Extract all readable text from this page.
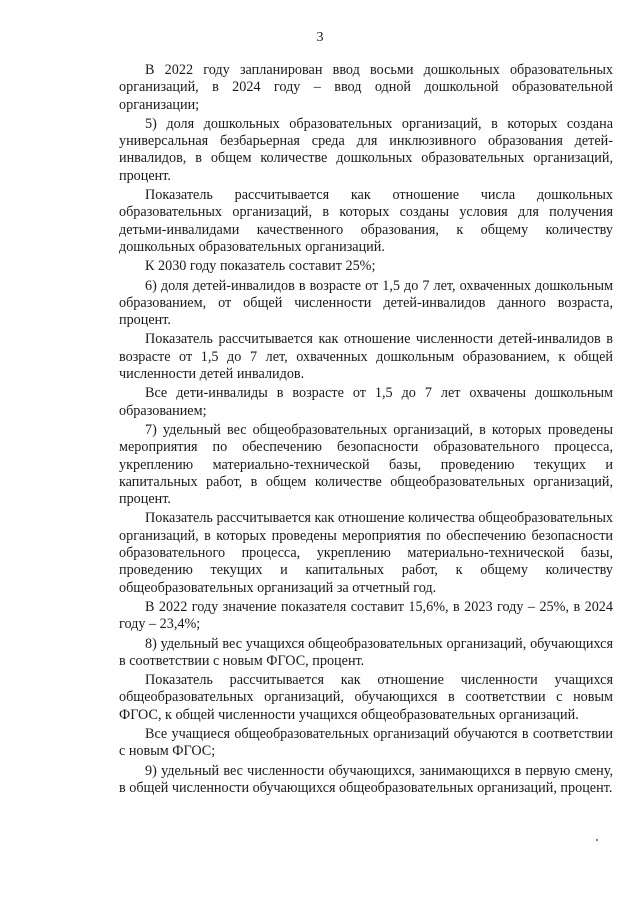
3

В 2022 году запланирован ввод восьми дошкольных образовательных организаций, в 2024 году – ввод одной дошкольной образовательной организации;

5) доля дошкольных образовательных организаций, в которых создана универсальная безбарьерная среда для инклюзивного образования детей-инвалидов, в общем количестве дошкольных образовательных организаций, процент.

Показатель рассчитывается как отношение числа дошкольных образовательных организаций, в которых созданы условия для получения детьми-инвалидами качественного образования, к общему количеству дошкольных образовательных организаций.

К 2030 году показатель составит 25%;

6) доля детей-инвалидов в возрасте от 1,5 до 7 лет, охваченных дошкольным образованием, от общей численности детей-инвалидов данного возраста, процент.

Показатель рассчитывается как отношение численности детей-инвалидов в возрасте от 1,5 до 7 лет, охваченных дошкольным образованием, к общей численности детей инвалидов.

Все дети-инвалиды в возрасте от 1,5 до 7 лет охвачены дошкольным образованием;

7) удельный вес общеобразовательных организаций, в которых проведены мероприятия по обеспечению безопасности образовательного процесса, укреплению материально-технической базы, проведению текущих и капитальных работ, в общем количестве общеобразовательных организаций, процент.

Показатель рассчитывается как отношение количества общеобразовательных организаций, в которых проведены мероприятия по обеспечению безопасности образовательного процесса, укреплению материально-технической базы, проведению текущих и капитальных работ, к общему количеству общеобразовательных организаций за отчетный год.

В 2022 году значение показателя составит 15,6%, в 2023 году – 25%, в 2024 году – 23,4%;

8) удельный вес учащихся общеобразовательных организаций, обучающихся в соответствии с новым ФГОС, процент.

Показатель рассчитывается как отношение численности учащихся общеобразовательных организаций, обучающихся в соответствии с новым ФГОС, к общей численности учащихся общеобразовательных организаций.

Все учащиеся общеобразовательных организаций обучаются в соответствии с новым ФГОС;

9) удельный вес численности обучающихся, занимающихся в первую смену, в общей численности обучающихся общеобразовательных организаций, процент.
